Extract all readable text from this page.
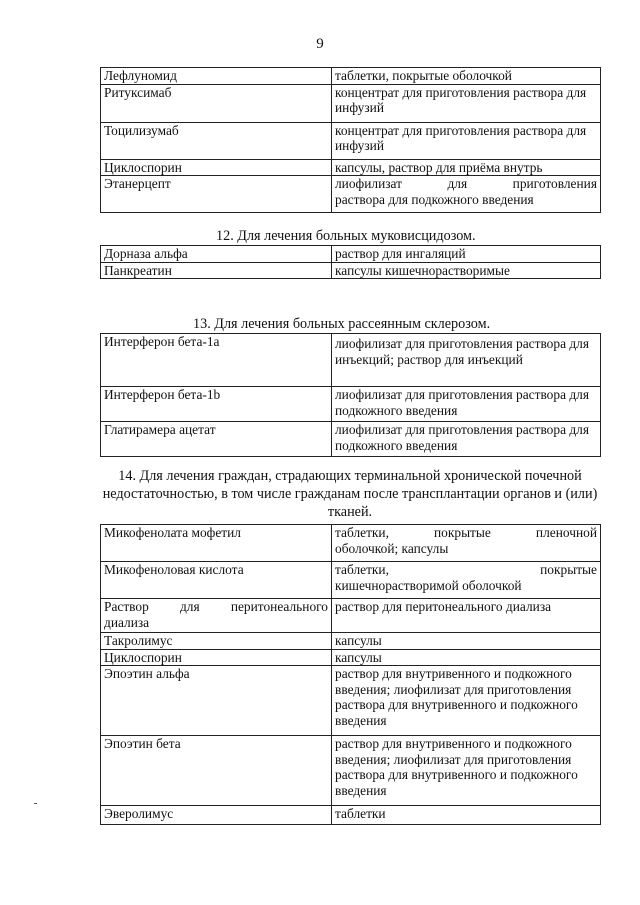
9
Лефлуномид	таблетки, покрытые оболочкой
Ритуксимаб	концентрат для приготовления раствора для инфузий
Тоцилизумаб	концентрат для приготовления раствора для инфузий
Циклоспорин	капсулы, раствор для приёма внутрь
Этанерцепт	лиофилизат для приготовления
раствора для подкожного введения
12. Для лечения больных муковисцидозом.
Дорназа альфа	раствор для ингаляций
Панкреатин	капсулы кишечнорастворимые
13. Для лечения больных рассеянным склерозом.
Интерферон бета-1а	лиофилизат для приготовления раствора для инъекций; раствор для инъекций
Интерферон бета-1b	лиофилизат для приготовления раствора для подкожного введения
Глатирамера ацетат	лиофилизат для приготовления раствора для подкожного введения
14. Для лечения граждан, страдающих терминальной хронической почечной недостаточностью, в том числе гражданам после трансплантации органов и (или) тканей.
Микофенолата мофетил	таблетки, покрытые пленочной
оболочкой; капсулы

Микофеноловая кислота	таблетки, покрытые
кишечнорастворимой оболочкой

Раствор для перитонеального
диализа	раствор для перитонеального диализа
Такролимус	капсулы
Циклоспорин	капсулы
Эпоэтин альфа	раствор для внутривенного и подкожного введения; лиофилизат для приготовления раствора для внутривенного и подкожного введения
Эпоэтин бета	раствор для внутривенного и подкожного введения; лиофилизат для приготовления раствора для внутривенного и подкожного введения
Эверолимус	таблетки
